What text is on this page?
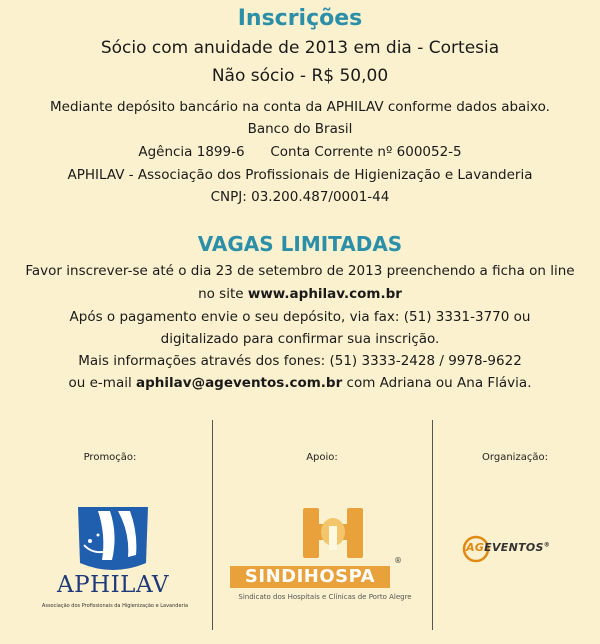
Inscrições
Sócio com anuidade de 2013 em dia - Cortesia
Não sócio - R$ 50,00
Mediante depósito bancário na conta da APHILAV conforme dados abaixo.
Banco do Brasil
Agência 1899-6 Conta Corrente nº 600052-5
APHILAV - Associação dos Profissionais de Higienização e Lavanderia
CNPJ: 03.200.487/0001-44
VAGAS LIMITADAS
Favor inscrever-se até o dia 23 de setembro de 2013 preenchendo a ficha on line
no site www.aphilav.com.br
Após o pagamento envie o seu depósito, via fax: (51) 3331-3770 ou
digitalizado para confirmar sua inscrição.
Mais informações através dos fones: (51) 3333-2428 / 9978-9622
ou e-mail aphilav@ageventos.com.br com Adriana ou Ana Flávia.
Promoção:	Apoio:	Organização:
APHILAV
Associação dos Profissionais da Higienização e Lavanderia
SINDIHOSPA
®
Sindicato dos Hospitais e Clínicas de Porto Alegre
AGEVENTOS®
